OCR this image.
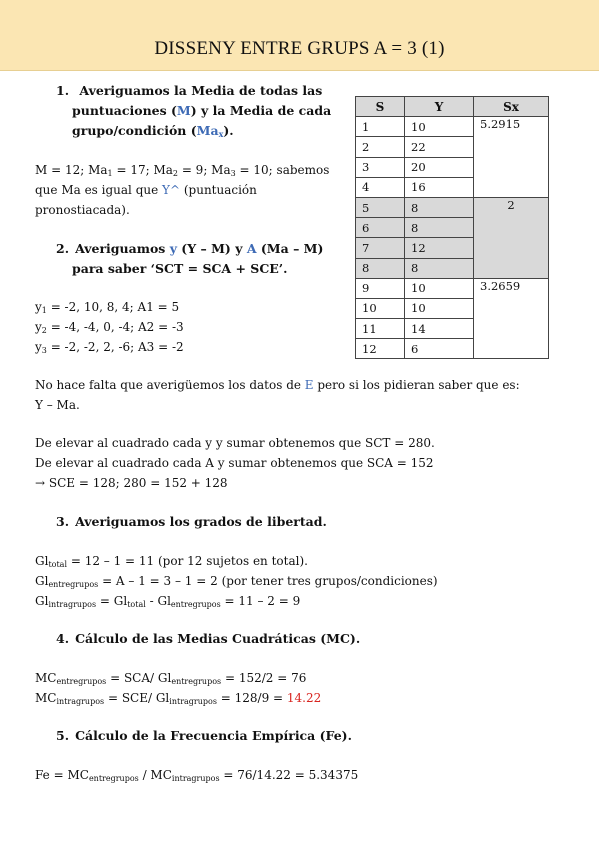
DISSENY ENTRE GRUPS A = 3 (1)
1. Averiguamos la Media de todas las
puntuaciones (M) y la Media de cada
grupo/condición $(Ma_x)$.
M = 12; $Ma_1 = 17$; $Ma_2 = 9$; $Ma_3 = 10$; sabemos
que Ma es igual que Y^ (puntuación
pronostiacada).
2. Averiguamos y (Y – M) y A (Ma – M)
para saber ‘SCT = SCA + SCE’.
$y_1 = -2$, 10, 8, 4; A1 = 5
$y_2 = -4$, -4, 0, -4; A2 = -3
$y_3 = -2$, -2, 2, -6; A3 = -2
S	Y	Sx
1	10	5.2915
2	22	
3	20	
4	16	
5	8	2
6	8	
7	12	
8	8	
9	10	3.2659
10	10	
11	14	
12	6	
No hace falta que averigüemos los datos de E pero si los pidieran saber que es:
Y – Ma.
De elevar al cuadrado cada y y sumar obtenemos que SCT = 280.
De elevar al cuadrado cada A y sumar obtenemos que SCA = 152
→ SCE = 128; 280 = 152 + 128
3. Averiguamos los grados de libertad.
$Gl_{total} = 12 - 1 = 11$ (por 12 sujetos en total).
$Gl_{entregrupos} = A - 1 = 3 - 1 = 2$ (por tener tres grupos/condiciones)
$Gl_{intragrupos} = Gl_{total} - Gl_{entregrupos} = 11 - 2 = 9$
4. Cálculo de las Medias Cuadráticas (MC).
$MC_{entregrupos} = SCA/$ $Gl_{entregrupos} = 152/2 = 76$
$MC_{intragrupos} = SCE/$ $Gl_{intragrupos} = 128/9 = 14.22$
5. Cálculo de la Frecuencia Empírica (Fe).
$Fe = MC_{entregrupos} / MC_{intragrupos} = 76/14.22 = 5.34375$
